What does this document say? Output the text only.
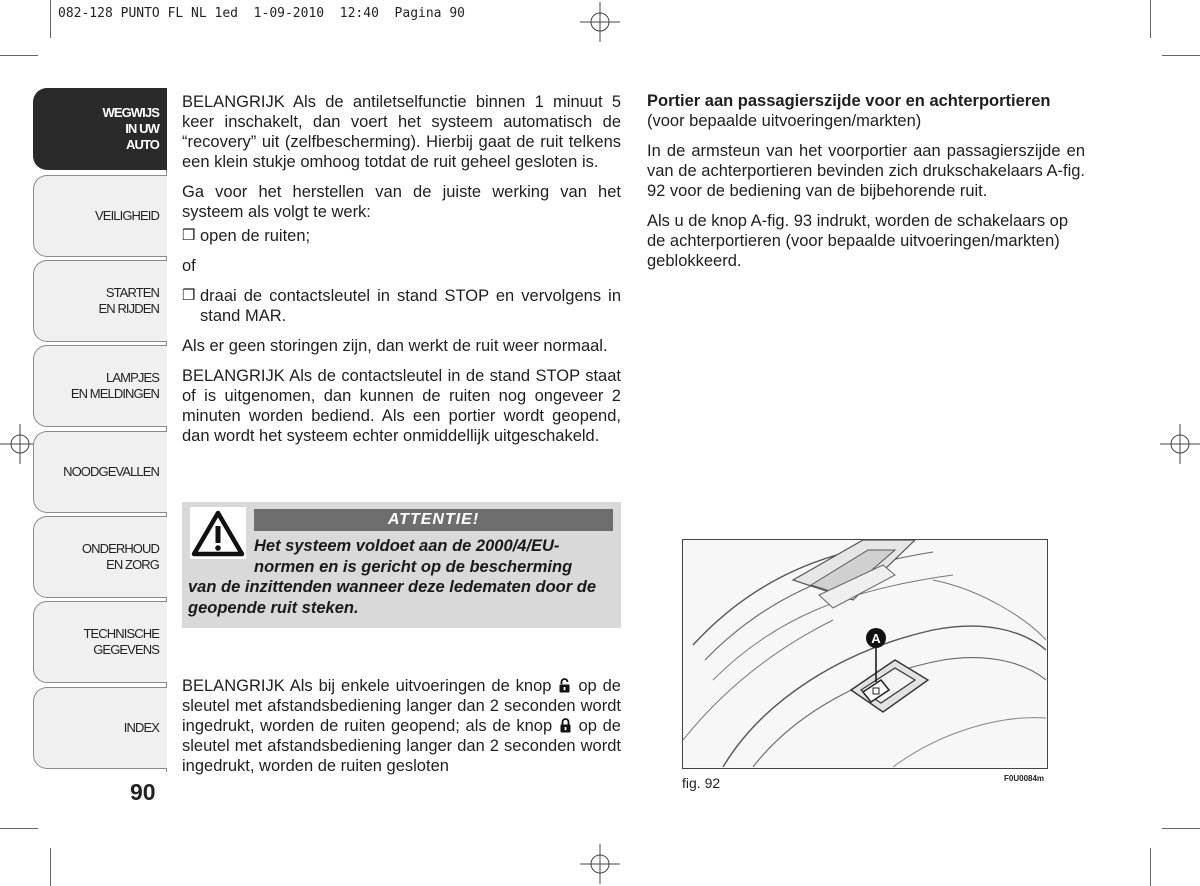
082-128 PUNTO FL NL 1ed  1-09-2010  12:40  Pagina 90
WEGWIJS
IN UW
AUTO
VEILIGHEID
STARTEN
EN RIJDEN
LAMPJES
EN MELDINGEN
NOODGEVALLEN
ONDERHOUD
EN ZORG
TECHNISCHE
GEGEVENS
INDEX
90

BELANGRIJK Als de antiletselfunctie binnen 1 minuut 5 keer inschakelt, dan voert het systeem automatisch de “recovery” uit (zelfbescherming). Hierbij gaat de ruit telkens een klein stukje omhoog totdat de ruit geheel gesloten is.

Ga voor het herstellen van de juiste werking van het systeem als volgt te werk:

❒ open de ruiten;

of

❒ draai de contactsleutel in stand STOP en vervolgens in stand MAR.

Als er geen storingen zijn, dan werkt de ruit weer normaal.

BELANGRIJK Als de contactsleutel in de stand STOP staat of is uitgenomen, dan kunnen de ruiten nog ongeveer 2 minuten worden bediend. Als een portier wordt geopend, dan wordt het systeem echter onmiddellijk uitgeschakeld.

ATTENTIE!
Het systeem voldoet aan de 2000/4/EU-normen en is gericht op de bescherming
van de inzittenden wanneer deze ledematen door de geopende ruit steken.

BELANGRIJK Als bij enkele uitvoeringen de knop op de sleutel met afstandsbediening langer dan 2 seconden wordt ingedrukt, worden de ruiten geopend; als de knop op de sleutel met afstandsbediening langer dan 2 seconden wordt ingedrukt, worden de ruiten gesloten

Portier aan passagierszijde voor en achterportieren

(voor bepaalde uitvoeringen/markten)

In de armsteun van het voorportier aan passagierszijde en van de achterportieren bevinden zich drukschakelaars A-fig. 92 voor de bediening van de bijbehorende ruit.

Als u de knop A-fig. 93 indrukt, worden de schakelaars op de achterportieren (voor bepaalde uitvoeringen/markten) geblokkeerd.

A
fig. 92	F0U0084m
